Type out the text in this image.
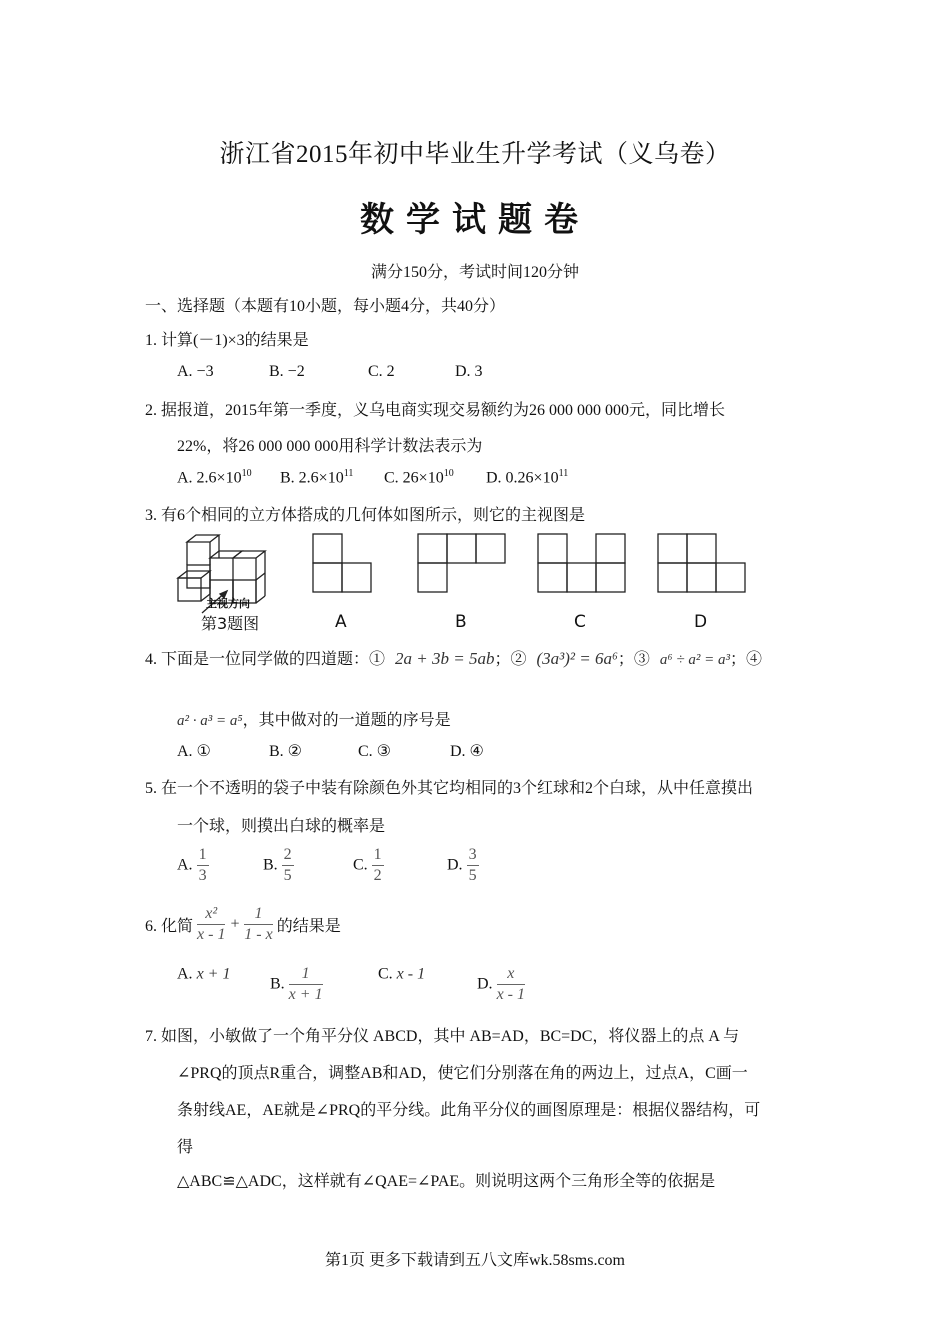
浙江省2015年初中毕业生升学考试（义乌卷）
数学试题卷
满分150分，考试时间120分钟
一、选择题（本题有10小题，每小题4分，共40分）
1. 计算(－1)×3的结果是
A. −3	B. −2	C. 2	D. 3
2. 据报道，2015年第一季度，义乌电商实现交易额约为26 000 000 000元，同比增长
22%，将26 000 000 000用科学计数法表示为
A. $2.6\times 10^{10}$ B. $2.6\times 10^{11}$ C. $26\times 10^{10}$ D. $0.26\times 10^{11}$
3. 有6个相同的立方体搭成的几何体如图所示，则它的主视图是
主视方向
第3题图	A	B	C	D
4. 下面是一位同学做的四道题：① 2a + 3b = 5ab；② (3a³)² = 6a⁶；③ a⁶ ÷ a² = a³；④
a² · a³ = a⁵，其中做对的一道题的序号是
A. ①	B. ②	C. ③	D. ④
5. 在一个不透明的袋子中装有除颜色外其它均相同的3个红球和2个白球，从中任意摸出
一个球，则摸出白球的概率是
A. $\frac{1}{3}$	B. $\frac{2}{5}$	C. $\frac{1}{2}$	D. $\frac{3}{5}$
6. 化简 $\frac{\text{x²}}{x - 1} + \frac{1}{1 - x}$ 的结果是
A. x + 1
B. $\frac{1}{x + 1}$	C. x - 1
D. $\frac{x}{x - 1}$
7. 如图，小敏做了一个角平分仪 ABCD，其中 AB=AD，BC=DC，将仪器上的点 A 与
∠PRQ的顶点R重合，调整AB和AD，使它们分别落在角的两边上，过点A，C画一
条射线AE，AE就是∠PRQ的平分线。此角平分仪的画图原理是：根据仪器结构，可
得
△ABC≌△ADC，这样就有∠QAE=∠PAE。则说明这两个三角形全等的依据是
第1页 更多下载请到五八文库wk.58sms.com
